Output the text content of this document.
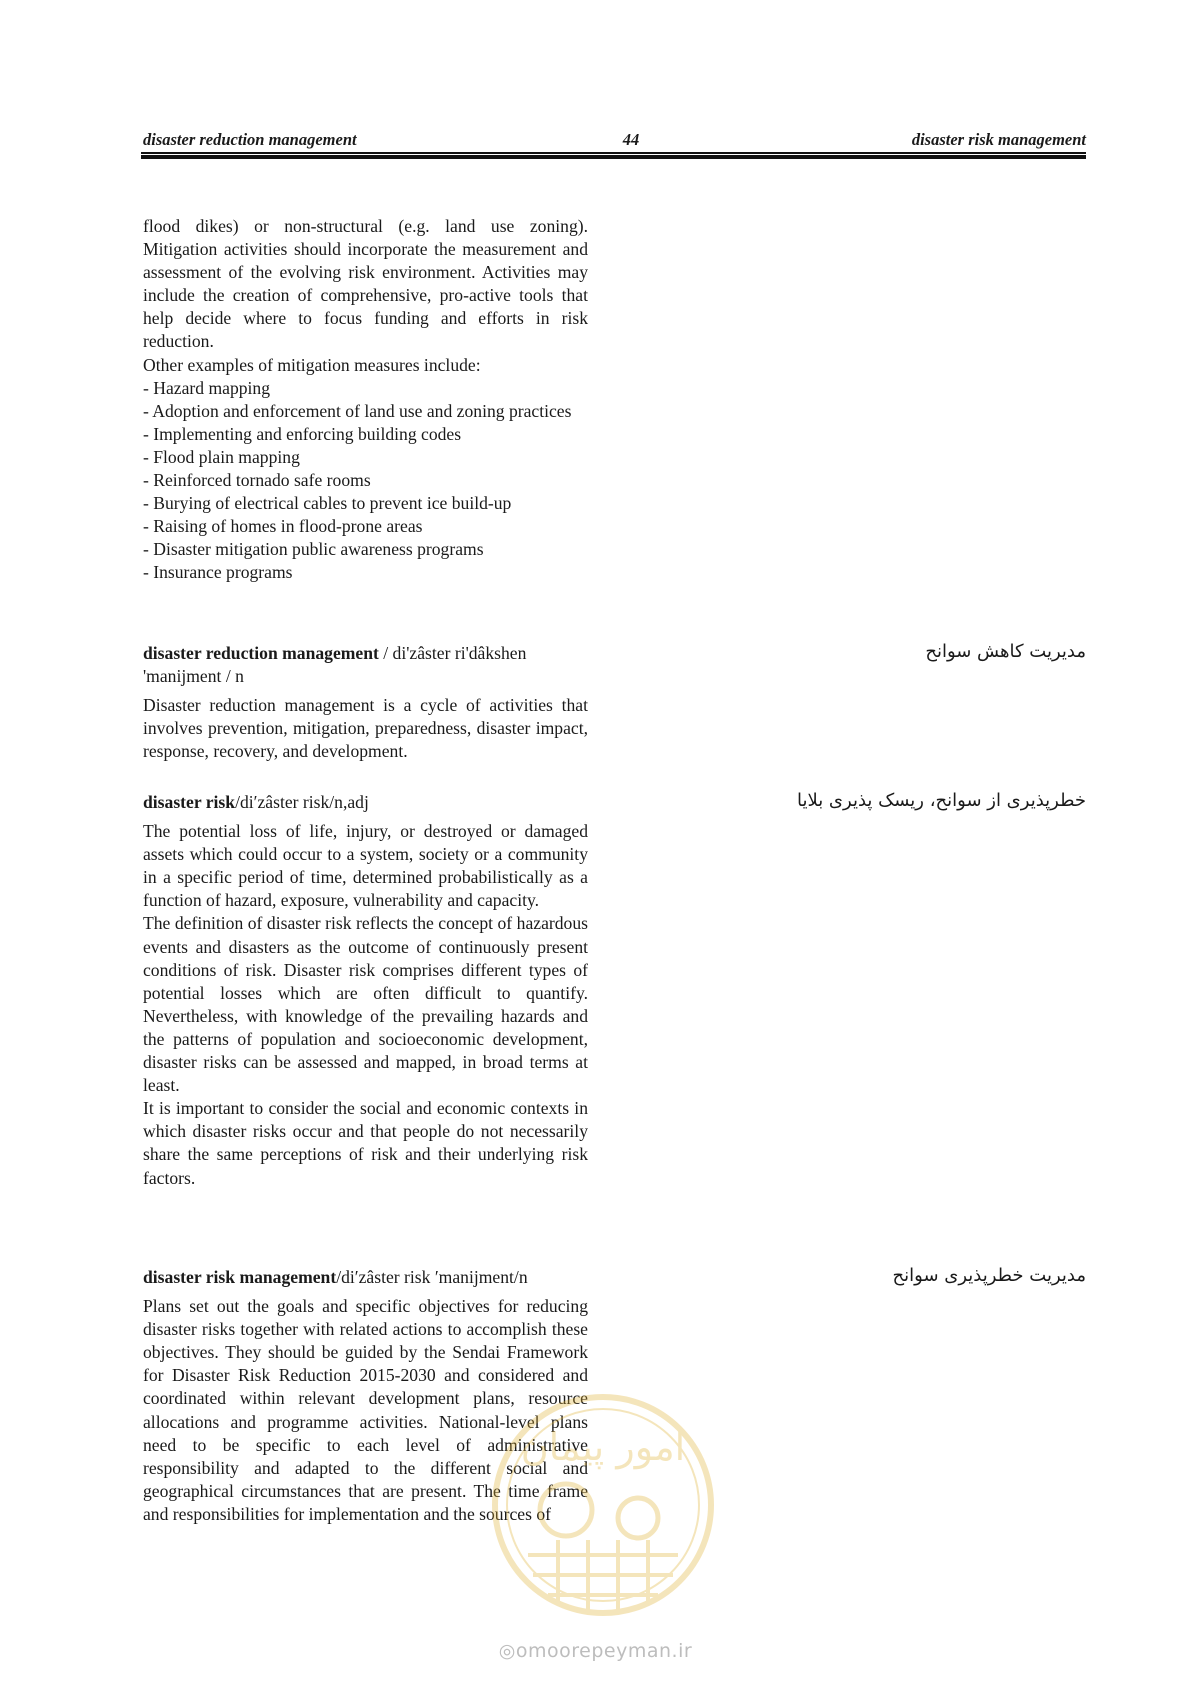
disaster reduction management	44	disaster risk management

flood dikes) or non-structural (e.g. land use zoning). Mitigation activities should incorporate the measurement and assessment of the evolving risk environment. Activities may include the creation of comprehensive, pro-active tools that help decide where to focus funding and efforts in risk reduction.

Other examples of mitigation measures include:

- Hazard mapping

- Adoption and enforcement of land use and zoning practices

- Implementing and enforcing building codes

- Flood plain mapping

- Reinforced tornado safe rooms

- Burying of electrical cables to prevent ice build-up

- Raising of homes in flood-prone areas

- Disaster mitigation public awareness programs

- Insurance programs

disaster reduction management / di'zâster ri'dâkshen 'manijment / n

Disaster reduction management is a cycle of activities that involves prevention, mitigation, preparedness, disaster impact, response, recovery, and development.

مدیریت کاهش سوانح

disaster risk/di′zâster risk/n,adj

The potential loss of life, injury, or destroyed or damaged assets which could occur to a system, society or a community in a specific period of time, determined probabilistically as a function of hazard, exposure, vulnerability and capacity.

The definition of disaster risk reflects the concept of hazardous events and disasters as the outcome of continuously present conditions of risk. Disaster risk comprises different types of potential losses which are often difficult to quantify. Nevertheless, with knowledge of the prevailing hazards and the patterns of population and socioeconomic development, disaster risks can be assessed and mapped, in broad terms at least.

It is important to consider the social and economic contexts in which disaster risks occur and that people do not necessarily share the same perceptions of risk and their underlying risk factors.

خطرپذیری از سوانح، ریسک پذیری بلایا

disaster risk management/di′zâster risk ′manijment/n

Plans set out the goals and specific objectives for reducing disaster risks together with related actions to accomplish these objectives. They should be guided by the Sendai Framework for Disaster Risk Reduction 2015-2030 and considered and coordinated within relevant development plans, resource allocations and programme activities. National-level plans need to be specific to each level of administrative responsibility and adapted to the different social and geographical circumstances that are present. The time frame and responsibilities for implementation and the sources of

مدیریت خطرپذیری سوانح
امور پیمان
◎omoorepeyman.ir
